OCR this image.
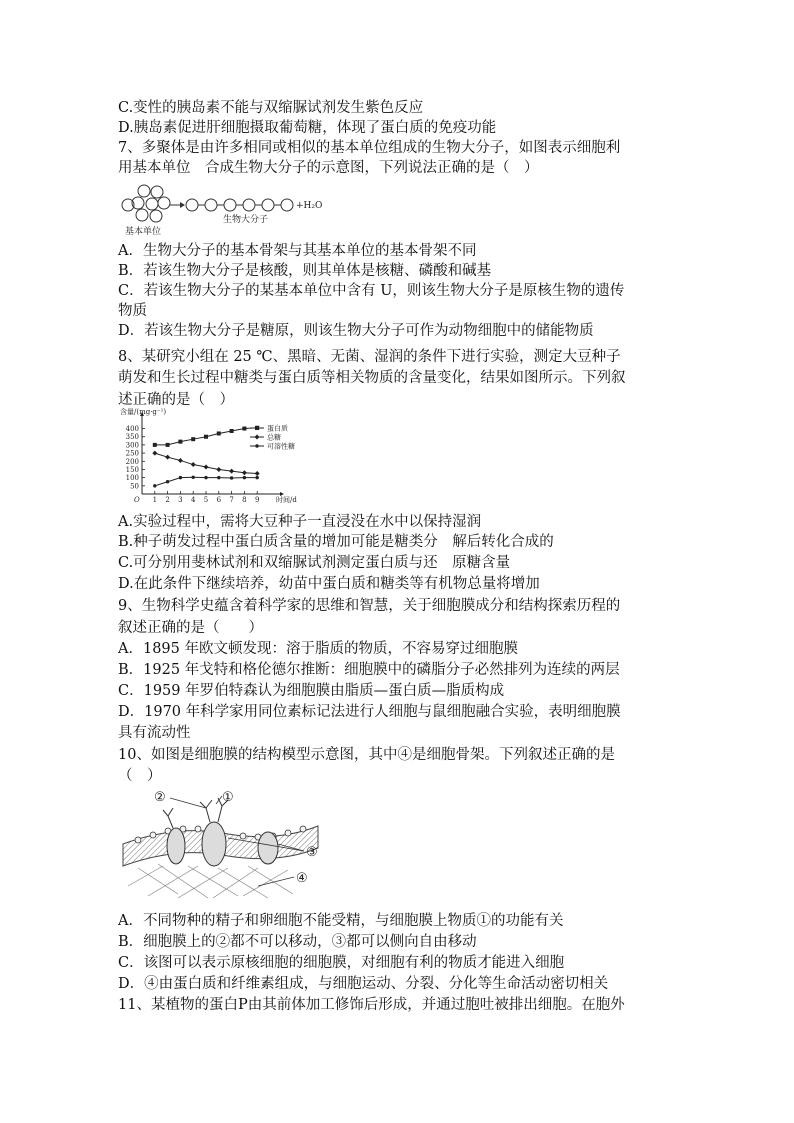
C.变性的胰岛素不能与双缩脲试剂发生紫色反应
D.胰岛素促进肝细胞摄取葡萄糖，体现了蛋白质的免疫功能
7、多聚体是由许多相同或相似的基本单位组成的生物大分子，如图表示细胞利
用基本单位　合成生物大分子的示意图，下列说法正确的是（　）
+H₂O
生物大分子
基本单位
A．生物大分子的基本骨架与其基本单位的基本骨架不同
B．若该生物大分子是核酸，则其单体是核糖、磷酸和碱基
C．若该生物大分子的某基本单位中含有 U，则该生物大分子是原核生物的遗传
物质
D．若该生物大分子是糖原，则该生物大分子可作为动物细胞中的储能物质
8、某研究小组在 25 ℃、黑暗、无菌、湿润的条件下进行实验，测定大豆种子
萌发和生长过程中糖类与蛋白质等相关物质的含量变化，结果如图所示。下列叙
述正确的是（　）
50
100
150
200
250
300
350
400
1 2 3 4 5 6 7 8 9
含量/(mg·g⁻¹)
时间/d
O
蛋白质
总糖
可溶性糖
A.实验过程中，需将大豆种子一直浸没在水中以保持湿润
B.种子萌发过程中蛋白质含量的增加可能是糖类分　解后转化合成的
C.可分别用斐林试剂和双缩脲试剂测定蛋白质与还　原糖含量
D.在此条件下继续培养，幼苗中蛋白质和糖类等有机物总量将增加
9、生物科学史蕴含着科学家的思维和智慧，关于细胞膜成分和结构探索历程的
叙述正确的是（　　）
A．1895 年欧文顿发现：溶于脂质的物质，不容易穿过细胞膜
B．1925 年戈特和格伦德尔推断：细胞膜中的磷脂分子必然排列为连续的两层
C．1959 年罗伯特森认为细胞膜由脂质—蛋白质—脂质构成
D．1970 年科学家用同位素标记法进行人细胞与鼠细胞融合实验，表明细胞膜
具有流动性
10、如图是细胞膜的结构模型示意图，其中④是细胞骨架。下列叙述正确的是
（　）
②	①
③
④
A．不同物种的精子和卵细胞不能受精，与细胞膜上物质①的功能有关
B．细胞膜上的②都不可以移动，③都可以侧向自由移动
C．该图可以表示原核细胞的细胞膜，对细胞有利的物质才能进入细胞
D．④由蛋白质和纤维素组成，与细胞运动、分裂、分化等生命活动密切相关
11、某植物的蛋白P由其前体加工修饰后形成，并通过胞吐被排出细胞。在胞外
